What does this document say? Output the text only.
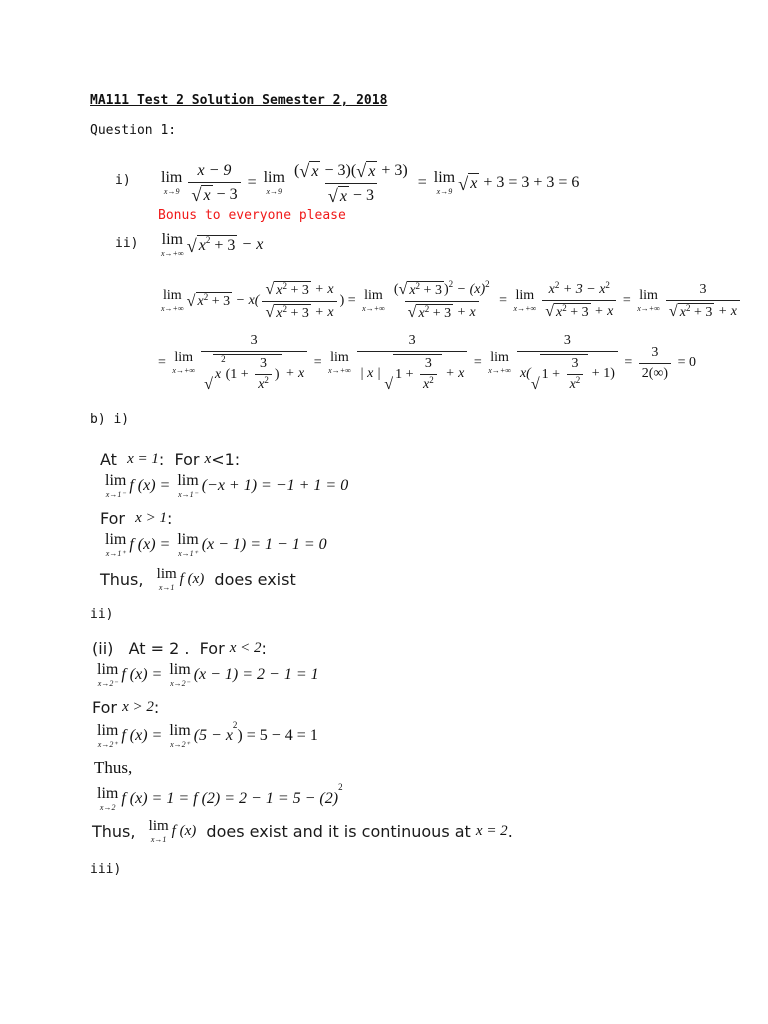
MA111 Test 2 Solution Semester 2, 2018
Question 1:
i) lim
$x\to 9 \frac{x - 9}{√ x - 3} = \lim$
$x\to 9 \frac{( √ x - 3)( √ x + 3)}{√ x - 3} = \lim$
x→9 √ x + 3 = 3 + 3 = 6
Bonus to everyone please
ii) lim
x→+∞ √ x 2 + 3 − x
lim
x→+∞ √ x $2 + 3 - x( \frac{√ x 2 + 3 + x}{√ x 2 + 3 + x}$ ) = lim
$x\to+\infty \frac{( √ x 2 + 3 ) 2 - (x) 2}{√ x 2 + 3 + x} = \lim$
$x\to+\infty \frac{x 2 + 3 - x 2}{√ x 2 + 3 + x} = \lim$
$x\to+\infty \frac{3}{√ x 2 + 3 + x}$
= lim
x→+∞ 3
√
x
2
($1 + \frac{3}{x 2}$ ) + x = lim
x→+∞ 3
| x |
√
$1 + \frac{3}{x 2} + x = \lim$
x→+∞ 3
x(
√
$1 + \frac{3}{x 2} + 1) = \frac{3}{2(\infty)} = 0$
b) i)
At x = 1 :  For x <1:
lim
x→1⁻
f (x) = lim
x→1⁻
(−x + 1) = −1 + 1 = 0
For x > 1 :
lim
x→1⁺
f (x) = lim
x→1⁺
(x − 1) = 1 − 1 = 0
Thus, lim
x→1
f (x) does exist
ii)
(ii)   At = 2 .  For x < 2 :
lim
x→2⁻
f (x) = lim
x→2⁻
(x − 1) = 2 − 1 = 1
For x > 2 :
lim
x→2⁺
f (x) = lim
x→2⁺
(5 − x
2
) = 5 − 4 = 1
Thus,
lim
x→2
f (x) = 1 = f (2) = 2 − 1 = 5 − (2)
2
Thus, lim
x→1
f (x) does exist and it is continuous at x = 2 .
iii)
